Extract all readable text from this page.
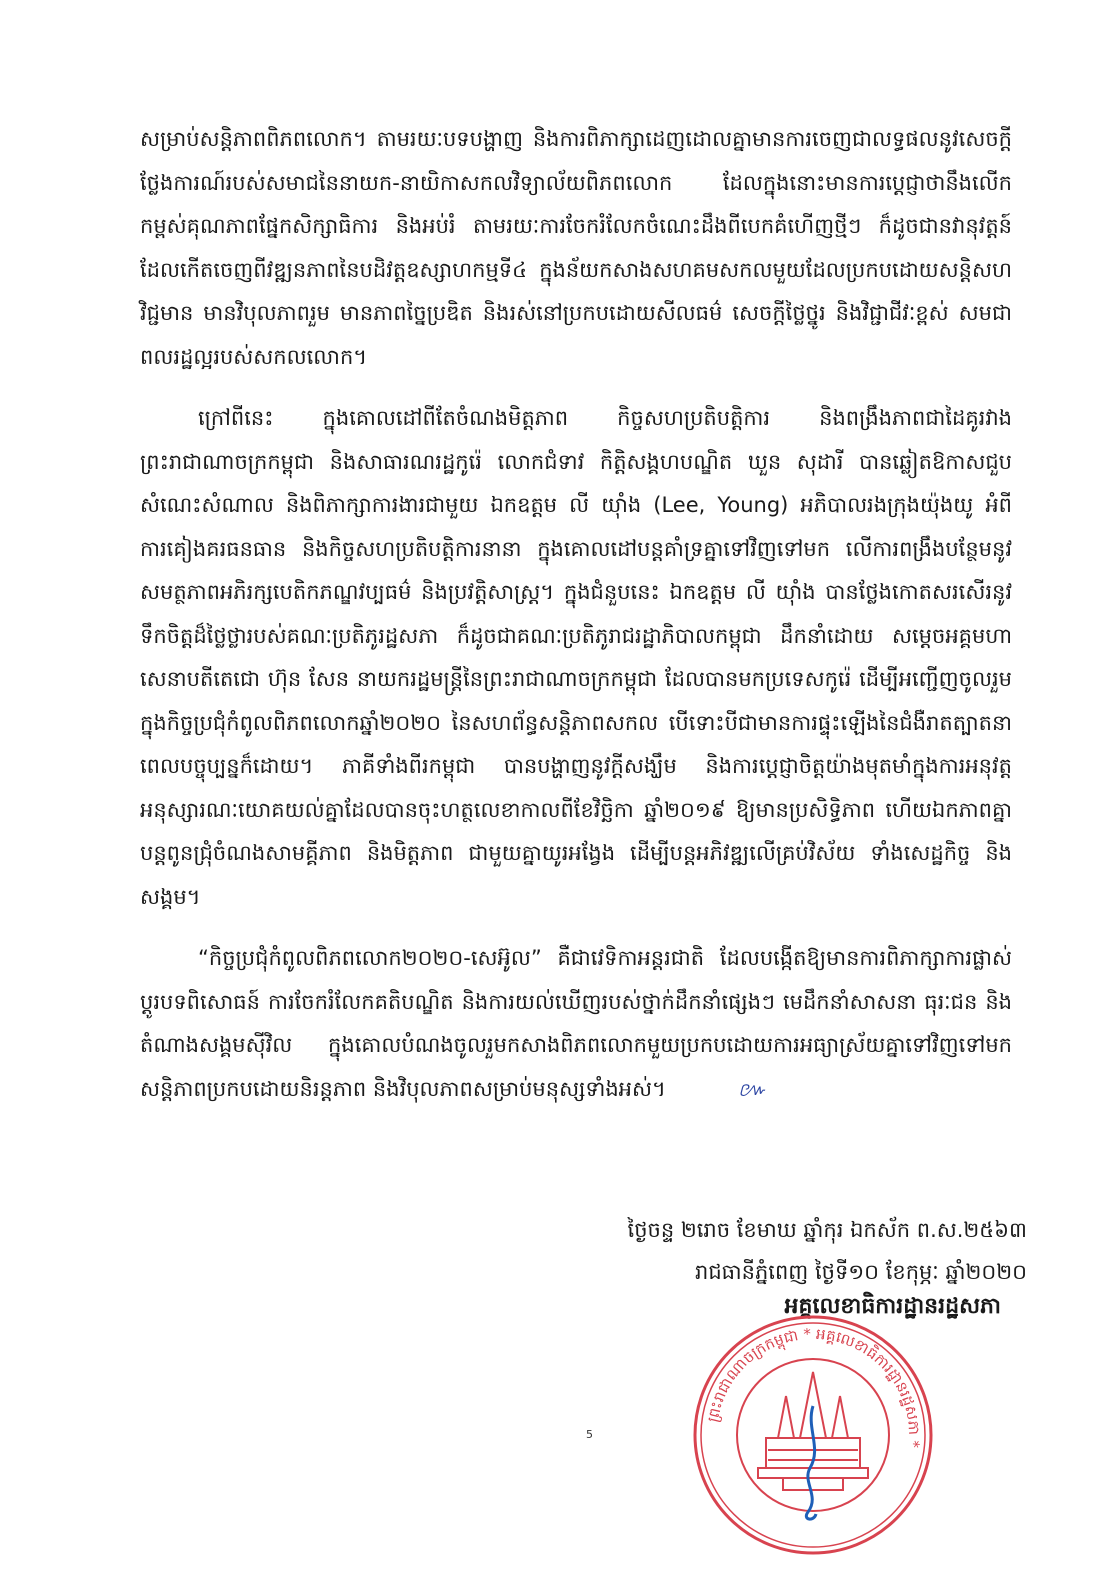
សម្រាប់សន្តិភាពពិភពលោក។ តាមរយៈបទបង្ហាញ និងការពិភាក្សាដេញដោលគ្នាមានការចេញជាលទ្ធផលនូវសេចក្តីថ្លែងការណ៍របស់សមាជនៃនាយក-នាយិកាសកលវិទ្យាល័យពិភពលោក ដែលក្នុងនោះមានការប្តេជ្ញាថានឹងលើកកម្ពស់គុណភាពផ្នែកសិក្សាធិការ និងអប់រំ តាមរយៈការចែករំលែកចំណេះដឹងពីបេកគំហើញថ្មីៗ ក៏ដូចជានវានុវត្តន៍ដែលកើតចេញពីវឌ្ឍនភាពនៃបដិវត្តឧស្សាហកម្មទី៤ ក្នុងន័យកសាងសហគមសកលមួយដែលប្រកបដោយសន្តិសហវិជ្ជមាន មានវិបុលភាពរួម មានភាពច្នៃប្រឌិត និងរស់នៅប្រកបដោយសីលធម៌ សេចក្តីថ្លៃថ្នូរ និងវិជ្ជាជីវៈខ្ពស់ សមជាពលរដ្ឋល្អរបស់សកលលោក។

ក្រៅពីនេះ ក្នុងគោលដៅពីតែចំណងមិត្តភាព កិច្ចសហប្រតិបត្តិការ និងពង្រឹងភាពជាដៃគូរវាងព្រះរាជាណាចក្រកម្ពុជា និងសាធារណរដ្ឋកូរ៉េ លោកជំទាវ កិត្តិសង្គហបណ្ឌិត ឃួន សុដារី បានឆ្លៀតឱកាសជួបសំណេះសំណាល និងពិភាក្សាការងារជាមួយ ឯកឧត្តម លី យ៉ាំង (Lee, Young) អភិបាលរងក្រុងយ៉ុងយូ អំពីការគៀងគរធនធាន និងកិច្ចសហប្រតិបត្តិការនានា ក្នុងគោលដៅបន្តគាំទ្រគ្នាទៅវិញទៅមក លើការពង្រឹងបន្ថែមនូវសមត្ថភាពអភិរក្សបេតិកភណ្ឌវប្បធម៌ និងប្រវត្តិសាស្ត្រ។ ក្នុងជំនួបនេះ ឯកឧត្តម លី យ៉ាំង បានថ្លែងកោតសរសើរនូវទឹកចិត្តដ៏ថ្លៃថ្លារបស់គណៈប្រតិភូរដ្ឋសភា ក៏ដូចជាគណៈប្រតិភូរាជរដ្ឋាភិបាលកម្ពុជា ដឹកនាំដោយ សម្តេចអគ្គមហាសេនាបតីតេជោ ហ៊ុន សែន នាយករដ្ឋមន្ត្រីនៃព្រះរាជាណាចក្រកម្ពុជា ដែលបានមកប្រទេសកូរ៉េ ដើម្បីអញ្ជើញចូលរួមក្នុងកិច្ចប្រជុំកំពូលពិភពលោកឆ្នាំ២០២០ នៃសហព័ន្ធសន្តិភាពសកល បើទោះបីជាមានការផ្ទុះឡើងនៃជំងឺរាតត្បាតនាពេលបច្ចុប្បន្នក៏ដោយ។ ភាគីទាំងពីរកម្ពុជា បានបង្ហាញនូវក្តីសង្ឃឹម និងការប្តេជ្ញាចិត្តយ៉ាងមុតមាំក្នុងការអនុវត្តអនុស្សារណៈយោគយល់គ្នាដែលបានចុះហត្ថលេខាកាលពីខែវិច្ឆិកា ឆ្នាំ២០១៩ ឱ្យមានប្រសិទ្ធិភាព ហើយឯកភាពគ្នាបន្តពូនជ្រុំចំណងសាមគ្គីភាព និងមិត្តភាព ជាមួយគ្នាយូរអង្វែង ដើម្បីបន្តអភិវឌ្ឍលើគ្រប់វិស័យ ទាំងសេដ្ឋកិច្ច និងសង្គម។

“កិច្ចប្រជុំកំពូលពិភពលោក២០២០-សេអ៊ូល” គឺជាវេទិកាអន្តរជាតិ ដែលបង្កើតឱ្យមានការពិភាក្សាការផ្លាស់ប្តូរបទពិសោធន៍ ការចែករំលែកគតិបណ្ឌិត និងការយល់ឃើញរបស់ថ្នាក់ដឹកនាំផ្សេងៗ មេដឹកនាំសាសនា ធុរៈជន និងតំណាងសង្គមស៊ីវិល ក្នុងគោលបំណងចូលរួមកសាងពិភពលោកមួយប្រកបដោយការអធ្យាស្រ័យគ្នាទៅវិញទៅមក សន្តិភាពប្រកបដោយនិរន្តភាព និងវិបុលភាពសម្រាប់មនុស្សទាំងអស់។	៚

ថ្ងៃចន្ទ ២រោច ខែមាឃ ឆ្នាំកុរ ឯកស័ក ព.ស.២៥៦៣
រាជធានីភ្នំពេញ ថ្ងៃទី១០ ខែកុម្ភៈ ឆ្នាំ២០២០
អគ្គលេខាធិការដ្ឋានរដ្ឋសភា
ព្រះរាជាណាចក្រកម្ពុជា * អគ្គលេខាធិការដ្ឋានរដ្ឋសភា *
5
